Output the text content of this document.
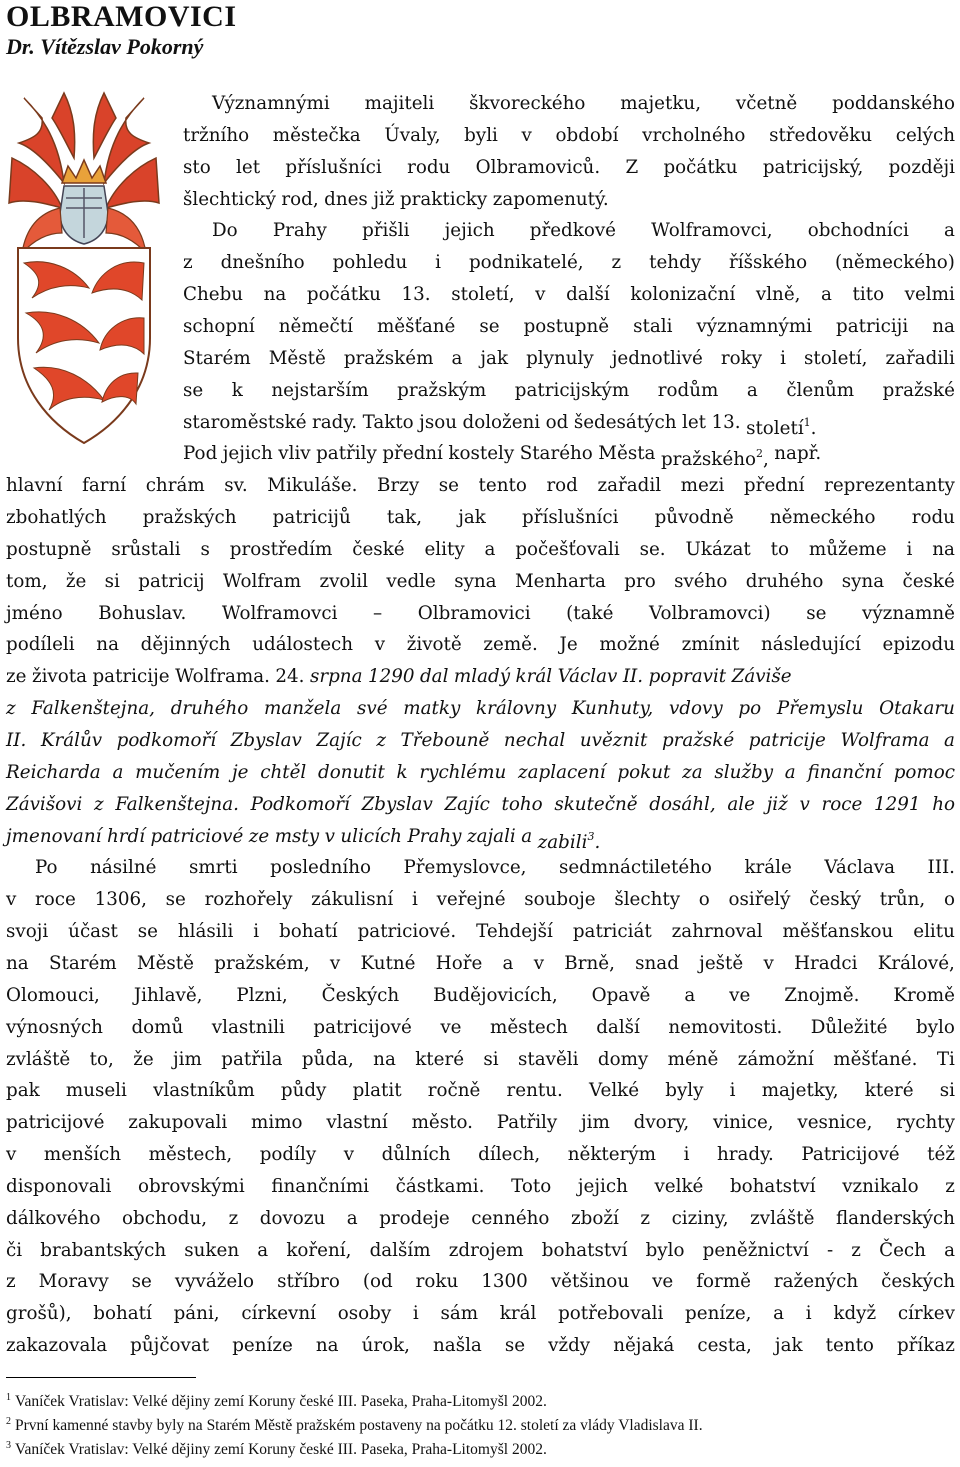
OLBRAMOVICI
Dr. Vítězslav Pokorný
Významnými majiteli škvoreckého majetku, včetně poddanského
tržního městečka Úvaly, byli v období vrcholného středověku celých
sto let příslušníci rodu Olbramoviců. Z počátku patricijský, později
šlechtický rod, dnes již prakticky zapomenutý.
Do Prahy přišli jejich předkové Wolframovci, obchodníci a
z dnešního pohledu i podnikatelé, z tehdy říšského (německého)
Chebu na počátku 13. století, v další kolonizační vlně, a tito velmi
schopní němečtí měšťané se postupně stali významnými patriciji na
Starém Městě pražském a jak plynuly jednotlivé roky i století, zařadili
se k nejstarším pražským patricijským rodům a členům pražské
staroměstské rady. Takto jsou doloženi od šedesátých let 13. století$^1$.
Pod jejich vliv patřily přední kostely Starého Města pražského$^2$, např.
hlavní farní chrám sv. Mikuláše. Brzy se tento rod zařadil mezi přední reprezentanty
zbohatlých pražských patricijů tak, jak příslušníci původně německého rodu
postupně srůstali s prostředím české elity a počešťovali se. Ukázat to můžeme i na
tom, že si patricij Wolfram zvolil vedle syna Menharta pro svého druhého syna české
jméno Bohuslav. Wolframovci – Olbramovici (také Volbramovci) se významně
podíleli na dějinných událostech v životě země. Je možné zmínit následující epizodu
ze života patricije Wolframa. 24. srpna 1290 dal mladý král Václav II. popravit Záviše
z Falkenštejna, druhého manžela své matky královny Kunhuty, vdovy po Přemyslu Otakaru
II. Králův podkomoří Zbyslav Zajíc z Třebouně nechal uvěznit pražské patricije Wolframa a
Reicharda a mučením je chtěl donutit k rychlému zaplacení pokut za služby a finanční pomoc
Závišovi z Falkenštejna. Podkomoří Zbyslav Zajíc toho skutečně dosáhl, ale již v roce 1291 ho
jmenovaní hrdí patriciové ze msty v ulicích Prahy zajali a zabili$^3$.
Po násilné smrti posledního Přemyslovce, sedmnáctiletého krále Václava III.
v roce 1306, se rozhořely zákulisní i veřejné souboje šlechty o osiřelý český trůn, o
svoji účast se hlásili i bohatí patriciové. Tehdejší patriciát zahrnoval měšťanskou elitu
na Starém Městě pražském, v Kutné Hoře a v Brně, snad ještě v Hradci Králové,
Olomouci, Jihlavě, Plzni, Českých Budějovicích, Opavě a ve Znojmě. Kromě
výnosných domů vlastnili patricijové ve městech další nemovitosti. Důležité bylo
zvláště to, že jim patřila půda, na které si stavěli domy méně zámožní měšťané. Ti
pak museli vlastníkům půdy platit ročně rentu. Velké byly i majetky, které si
patricijové zakupovali mimo vlastní město. Patřily jim dvory, vinice, vesnice, rychty
v menších městech, podíly v důlních dílech, některým i hrady. Patricijové též
disponovali obrovskými finančními částkami. Toto jejich velké bohatství vznikalo z
dálkového obchodu, z dovozu a prodeje cenného zboží z ciziny, zvláště flanderských
či brabantských suken a koření, dalším zdrojem bohatství bylo peněžnictví - z Čech a
z Moravy se vyváželo stříbro (od roku 1300 většinou ve formě ražených českých
grošů), bohatí páni, církevní osoby i sám král potřebovali peníze, a i když církev
zakazovala půjčovat peníze na úrok, našla se vždy nějaká cesta, jak tento příkaz
$^1$ Vaníček Vratislav: Velké dějiny zemí Koruny české III. Paseka, Praha-Litomyšl 2002.
$^2$ První kamenné stavby byly na Starém Městě pražském postaveny na počátku 12. století za vlády Vladislava II.
$^3$ Vaníček Vratislav: Velké dějiny zemí Koruny české III. Paseka, Praha-Litomyšl 2002.
